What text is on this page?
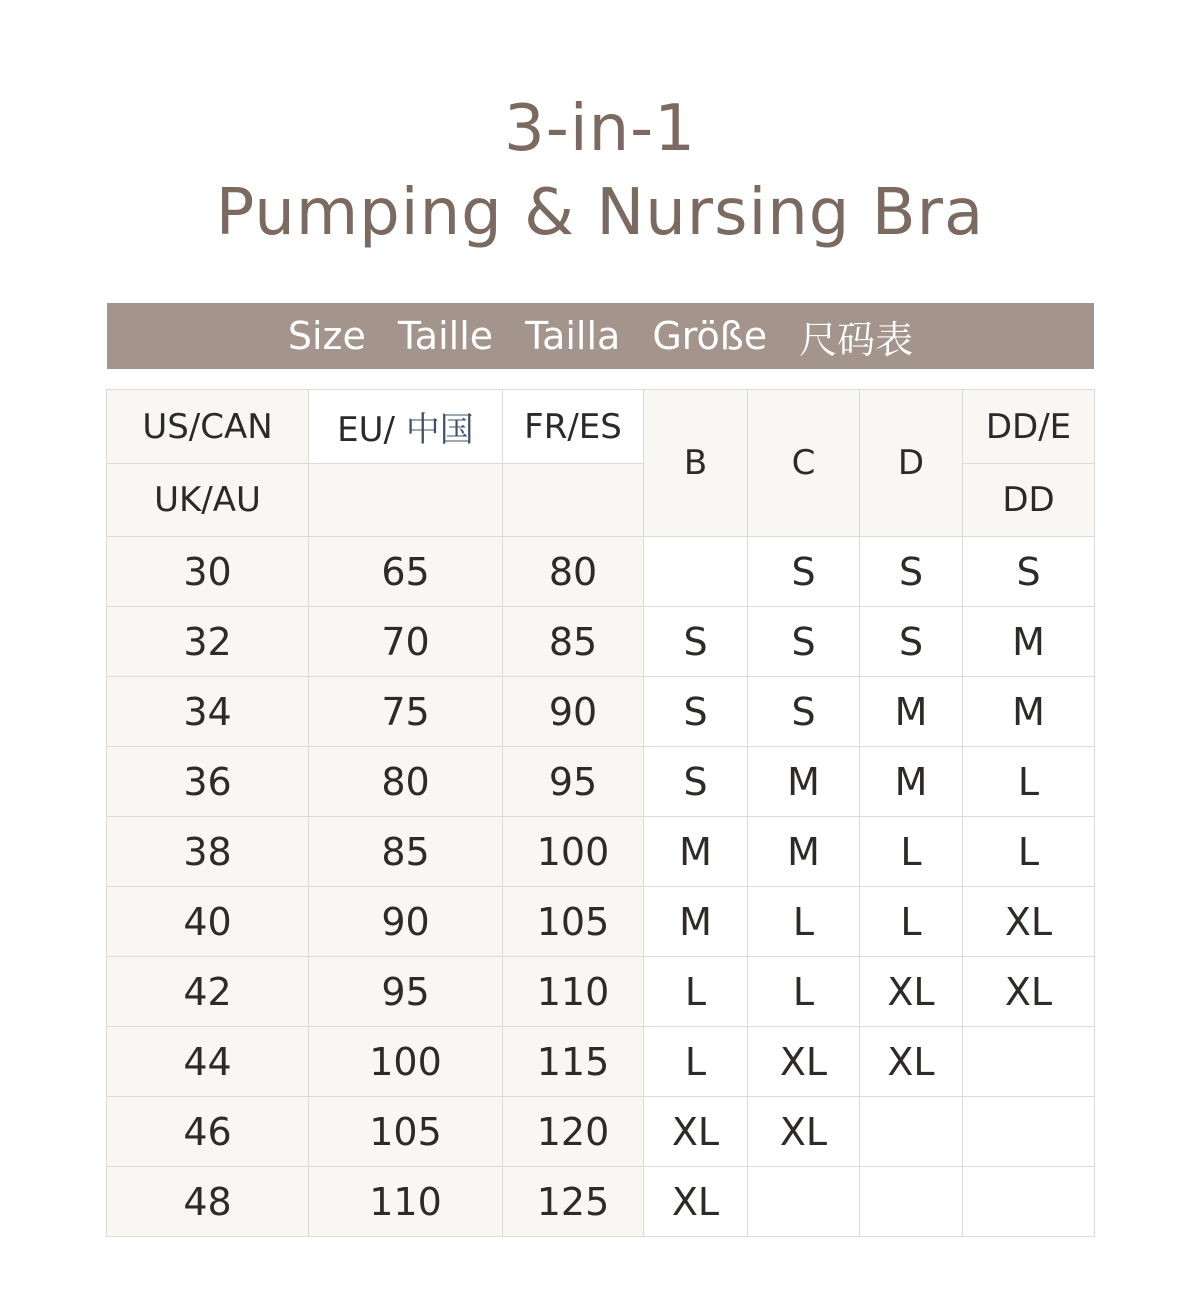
3-in-1
Pumping & Nursing Bra
Size Taille Tailla Größe 尺码表
US/CAN	EU/ 中国	FR/ES	B	C	D	DD/E
UK/AU						DD
30	65	80		S	S	S
32	70	85	S	S	S	M
34	75	90	S	S	M	M
36	80	95	S	M	M	L
38	85	100	M	M	L	L
40	90	105	M	L	L	XL
42	95	110	L	L	XL	XL
44	100	115	L	XL	XL	
46	105	120	XL	XL		
48	110	125	XL			
